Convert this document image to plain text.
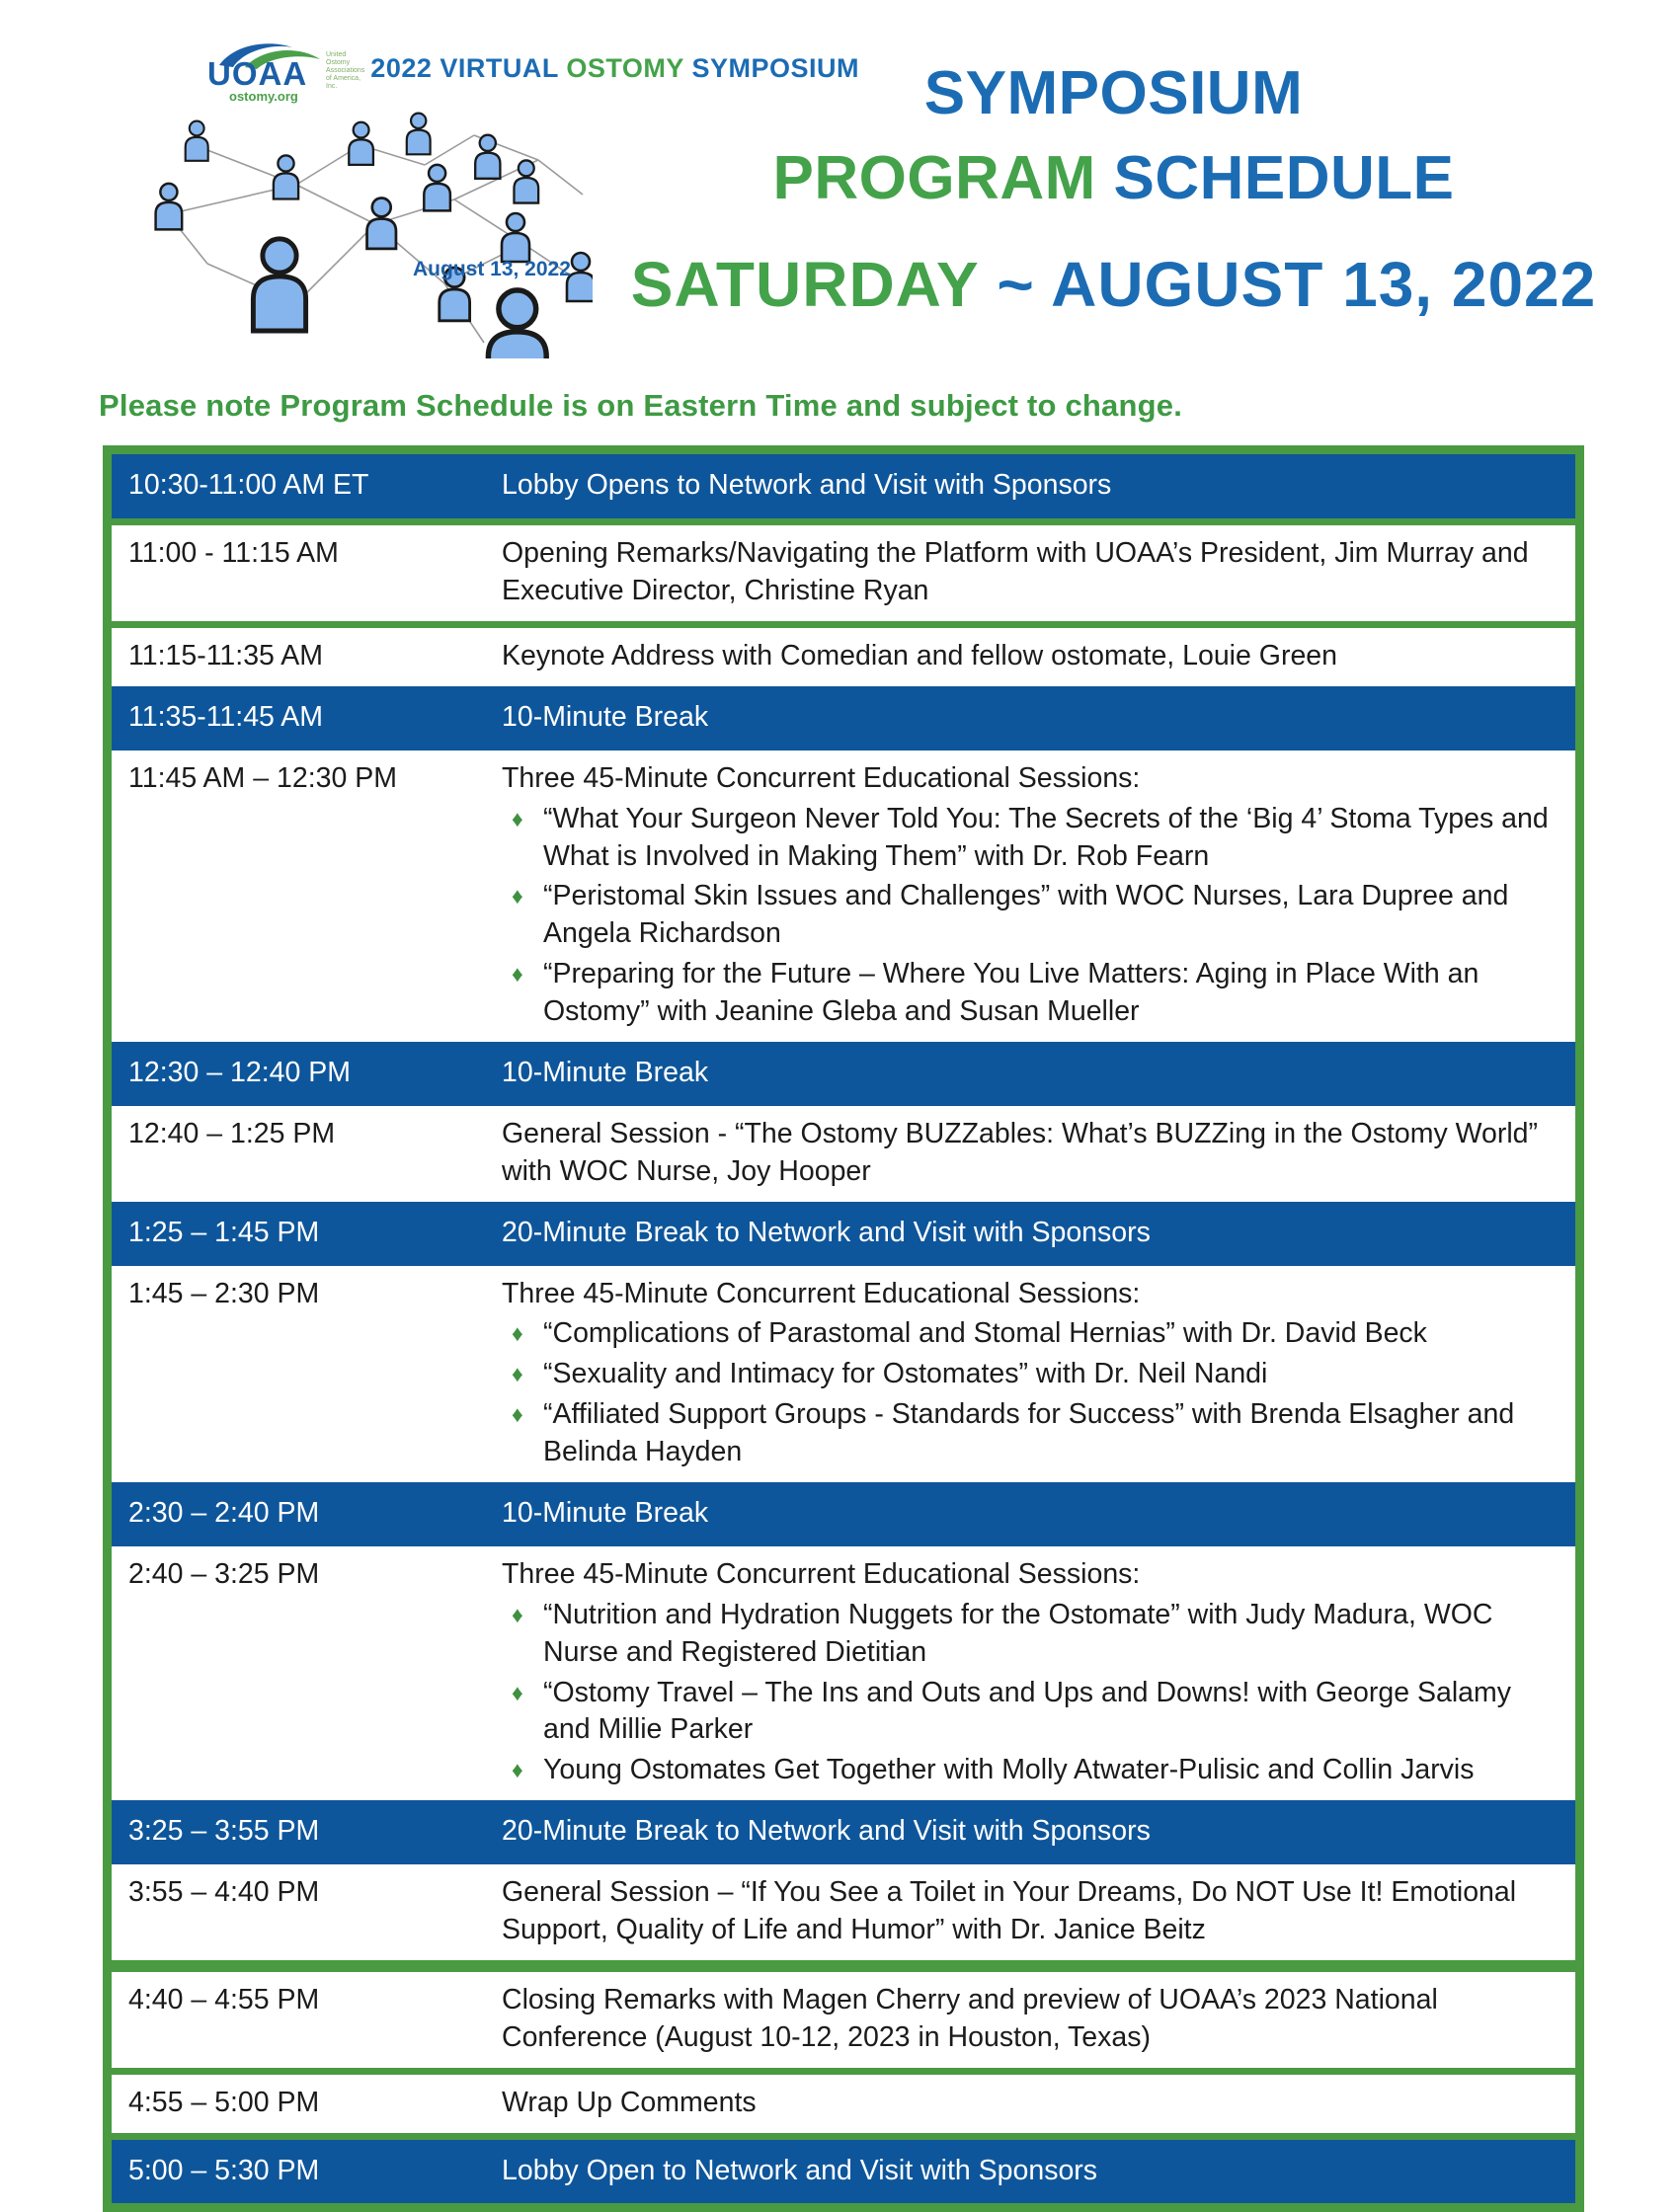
UOAA
ostomy.org
United Ostomy Associations of America, Inc.
2022 VIRTUAL OSTOMY SYMPOSIUM
August 13, 2022
SYMPOSIUM
PROGRAM SCHEDULE
SATURDAY ~ AUGUST 13, 2022
Please note Program Schedule is on Eastern Time and subject to change.
10:30-11:00 AM ET	Lobby Opens to Network and Visit with Sponsors
11:00 - 11:15 AM	Opening Remarks/Navigating the Platform with UOAA’s President, Jim Murray and Executive Director, Christine Ryan
11:15-11:35 AM	Keynote Address with Comedian and fellow ostomate, Louie Green
11:35-11:45 AM	10-Minute Break
11:45 AM – 12:30 PM	Three 45-Minute Concurrent Educational Sessions:
♦ “What Your Surgeon Never Told You: The Secrets of the ‘Big 4’ Stoma Types and What is Involved in Making Them” with Dr. Rob Fearn
♦ “Peristomal Skin Issues and Challenges” with WOC Nurses, Lara Dupree and Angela Richardson
♦ “Preparing for the Future – Where You Live Matters: Aging in Place With an Ostomy” with Jeanine Gleba and Susan Mueller
12:30 – 12:40 PM	10-Minute Break
12:40 – 1:25 PM	General Session - “The Ostomy BUZZables: What’s BUZZing in the Ostomy World” with WOC Nurse, Joy Hooper
1:25 – 1:45 PM	20-Minute Break to Network and Visit with Sponsors
1:45 – 2:30 PM	Three 45-Minute Concurrent Educational Sessions:
♦ “Complications of Parastomal and Stomal Hernias” with Dr. David Beck
♦ “Sexuality and Intimacy for Ostomates” with Dr. Neil Nandi
♦ “Affiliated Support Groups - Standards for Success” with Brenda Elsagher and Belinda Hayden
2:30 – 2:40 PM	10-Minute Break
2:40 – 3:25 PM	Three 45-Minute Concurrent Educational Sessions:
♦ “Nutrition and Hydration Nuggets for the Ostomate” with Judy Madura, WOC Nurse and Registered Dietitian
♦ “Ostomy Travel – The Ins and Outs and Ups and Downs! with George Salamy and Millie Parker
♦ Young Ostomates Get Together with Molly Atwater-Pulisic and Collin Jarvis
3:25 – 3:55 PM	20-Minute Break to Network and Visit with Sponsors
3:55 – 4:40 PM	General Session – “If You See a Toilet in Your Dreams, Do NOT Use It! Emotional Support, Quality of Life and Humor” with Dr. Janice Beitz
4:40 – 4:55 PM	Closing Remarks with Magen Cherry and preview of UOAA’s 2023 National Conference (August 10-12, 2023 in Houston, Texas)
4:55 – 5:00 PM	Wrap Up Comments
5:00 – 5:30 PM	Lobby Open to Network and Visit with Sponsors
